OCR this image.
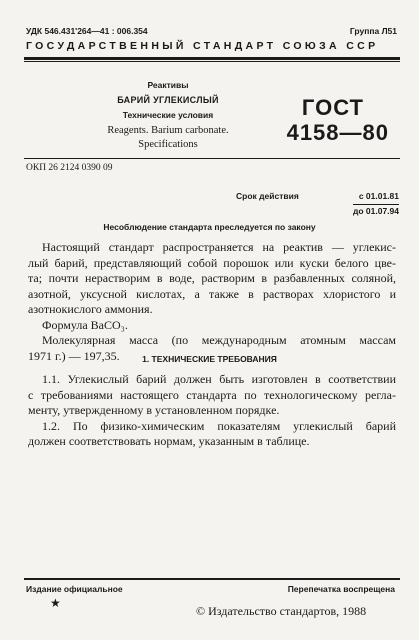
УДК 546.431'264—41 : 006.354	Группа Л51
ГОСУДАРСТВЕННЫЙ СТАНДАРТ СОЮЗА ССР
Реактивы
БАРИЙ УГЛЕКИСЛЫЙ
Технические условия
Reagents. Barium carbonate.
Specifications
ГОСТ
4158—80
ОКП 26 2124 0390 09
Срок действия	с 01.01.81
до 01.07.94
Несоблюдение стандарта преследуется по закону
Настоящий стандарт распространяется на реактив — углекис-
лый барий, представляющий собой порошок или куски белого цве-
та; почти нерастворим в воде, растворим в разбавленных соляной,
азотной, уксусной кислотах, а также в растворах хлористого и
азотнокислого аммония.
Формула BaCO₃.
Молекулярная масса (по международным атомным массам
1971 г.) — 197,35.	1. ТЕХНИЧЕСКИЕ ТРЕБОВАНИЯ
1.1. Углекислый барий должен быть изготовлен в соответствии
с требованиями настоящего стандарта по технологическому регла-
менту, утвержденному в установленном порядке.
1.2. По физико-химическим показателям углекислый барий
должен соответствовать нормам, указанным в таблице.
Издание официальное	Перепечатка воспрещена
★
© Издательство стандартов, 1988
